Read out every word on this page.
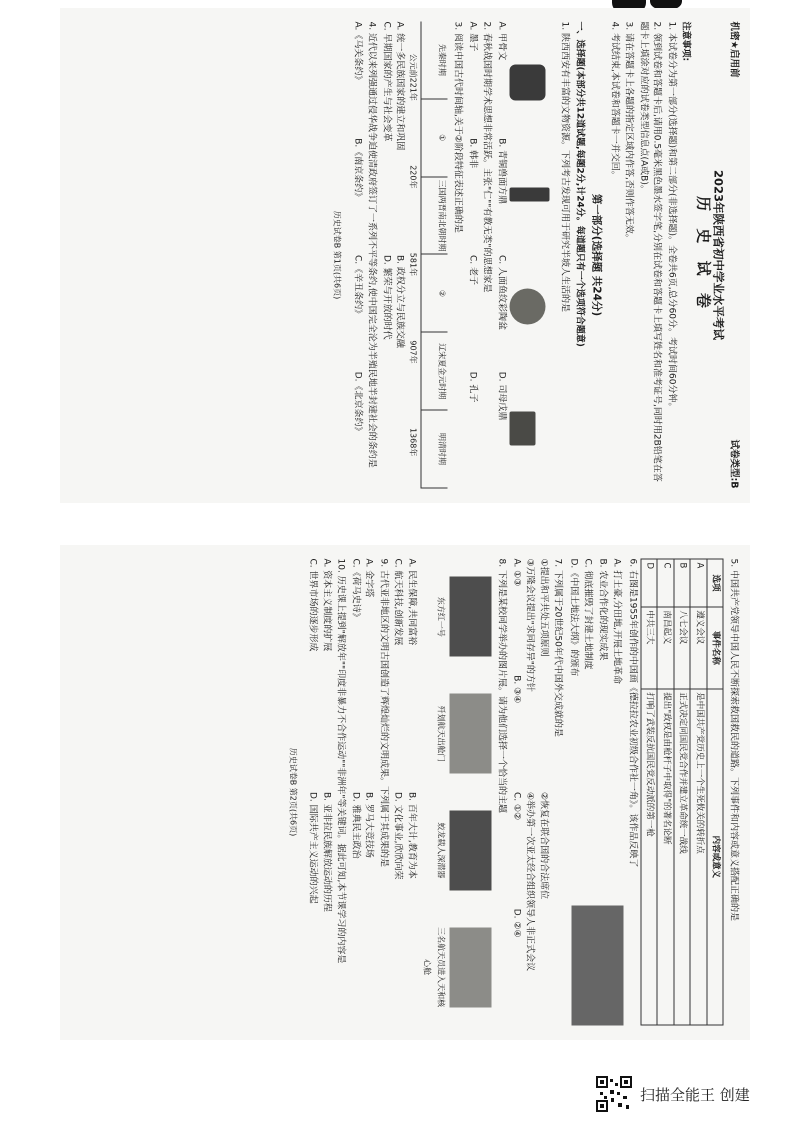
机密★启用前
试卷类型:B
2023年陕西省初中学业水平考试
历 史 试 卷

注意事项:

1. 本试卷分为第一部分(选择题)和第二部分(非选择题)。全卷共6页,总分60分。考试时间60分钟。

2. 领到试卷和答题卡后,请用0.5毫米黑色墨水签字笔,分别在试卷和答题卡上填写姓名和准考证号,同时用2B铅笔在答题卡上填涂对应的试卷类型信息点(A或B)。

3. 请在答题卡上各题的指定区域内作答,否则作答无效。

4. 考试结束,本试卷和答题卡一并交回。

第一部分(选择题 共24分)

一、选择题(本部分共12道试题,每题2分,计24分。每道题只有一个选项符合题意)

1. 陕西西安有丰富的文物资源。下列考古发现可用于研究半坡人生活的是

A. 甲骨文
B. 青铜兽面方鼎
C. 人面鱼纹彩陶盆
D. 司母戊鼎

2. 春秋战国时期学术思想非常活跃。主张"仁""有教无类"的思想家是

A. 墨子
B. 韩非
C. 老子
D. 孔子

3. 阅读中国古代时间轴,关于②阶段特征表述正确的是

先秦时期
①
三国两晋南北朝时期
②
辽宋夏金元时期
明清时期
公元前221年
220年
581年
907年
1368年
A. 统一多民族国家的建立和巩固
B. 政权分立与民族交融
C. 早期国家的产生与社会变革
D. 繁荣与开放的时代

4. 近代以来列强通过侵华战争迫使清政府签订了一系列不平等条约,使中国完全沦为半殖民地半封建社会的条约是

A.《马关条约》
B.《南京条约》
C.《辛丑条约》
D.《北京条约》
历史试卷B 第1页(共6页)

5. 中国共产党领导中国人民不断探索救国救民的道路。下列事件和内容或意义搭配正确的是

选项	事件名称	内容或意义
A	遵义会议	是中国共产党历史上一个生死攸关的转折点
B	八七会议	正式决定同国民党合作并建立革命统一战线
C	南昌起义	提出"政权是由枪杆子中取得"的著名论断
D	中共三大	打响了武装反抗国民党反动派的第一枪

6. 右图是1955年创作的中国画《德拉拉农业初级合作社一角》。该作品反映了

A. 打土豪,分田地,开展土地革命

B. 农业合作化的现实成果

C. 彻底摧毁了封建土地制度

D.《中国土地法大纲》的颁布

7. 下列属于20世纪50年代中国外交成就的是

①提出和平共处五项原则
②恢复在联合国的合法席位
③万隆会议提出"求同存异"的方针
④举办第一次亚太经合组织领导人非正式会议
A. ①③
B. ③④
C. ①②
D. ②④

8. 下列是某校同学举办的图片展。请为他们选择一个恰当的主题

东方红一号
歼划航天出舱门
蛟龙载人深潜器
三名航天员进入天和核心舱
A. 民生保障,共同富裕
B. 百年大计,教育为本
C. 航天科技,创新发展
D. 文化事业,欣欣向荣

9. 古代亚非地区的文明古国创造了辉煌灿烂的文明成果。下列属于其成果的是

A. 金字塔
B. 罗马大竞技场
C.《荷马史诗》
D. 雅典民主政治

10. 历史课上提到"解放年""印度非暴力不合作运动""非洲年"等关键词。据此可知,本节课学习的内容是

A. 资本主义制度的扩展
B. 亚非拉民族解放运动的历程
C. 世界市场的逐步形成
D. 国际共产主义运动的兴起
历史试卷B 第2页(共6页)
扫描全能王 创建
